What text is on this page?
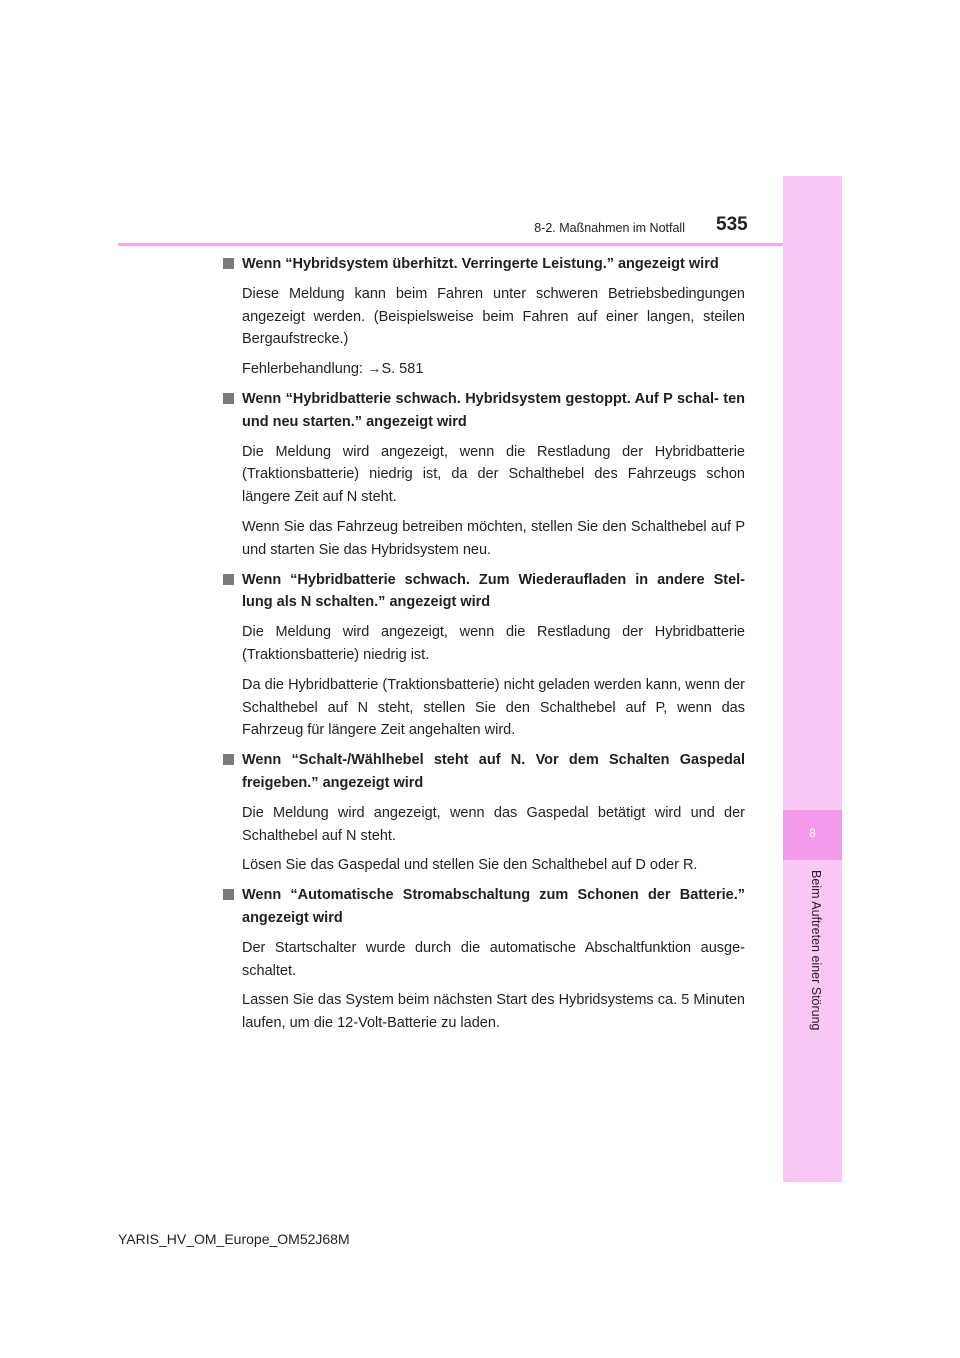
8
Beim Auftreten einer Störung
8-2. Maßnahmen im Notfall 535
Wenn “Hybridsystem überhitzt. Verringerte Leistung.” angezeigt wird

Diese Meldung kann beim Fahren unter schweren Betriebsbedingungen angezeigt werden. (Beispielsweise beim Fahren auf einer langen, steilen Bergaufstrecke.)

Fehlerbehandlung: →S. 581

Wenn “Hybridbatterie schwach. Hybridsystem gestoppt. Auf P schal- ten und neu starten.” angezeigt wird

Die Meldung wird angezeigt, wenn die Restladung der Hybridbatterie (Traktionsbatterie) niedrig ist, da der Schalthebel des Fahrzeugs schon längere Zeit auf N steht.

Wenn Sie das Fahrzeug betreiben möchten, stellen Sie den Schalthebel auf P und starten Sie das Hybridsystem neu.

Wenn “Hybridbatterie schwach. Zum Wiederaufladen in andere Stel- lung als N schalten.” angezeigt wird

Die Meldung wird angezeigt, wenn die Restladung der Hybridbatterie (Traktionsbatterie) niedrig ist.

Da die Hybridbatterie (Traktionsbatterie) nicht geladen werden kann, wenn der Schalthebel auf N steht, stellen Sie den Schalthebel auf P, wenn das Fahrzeug für längere Zeit angehalten wird.

Wenn “Schalt-/Wählhebel steht auf N. Vor dem Schalten Gaspedal freigeben.” angezeigt wird

Die Meldung wird angezeigt, wenn das Gaspedal betätigt wird und der Schalthebel auf N steht.

Lösen Sie das Gaspedal und stellen Sie den Schalthebel auf D oder R.

Wenn “Automatische Stromabschaltung zum Schonen der Batterie.” angezeigt wird

Der Startschalter wurde durch die automatische Abschaltfunktion ausge- schaltet.

Lassen Sie das System beim nächsten Start des Hybridsystems ca. 5 Minuten laufen, um die 12-Volt-Batterie zu laden.

YARIS_HV_OM_Europe_OM52J68M
